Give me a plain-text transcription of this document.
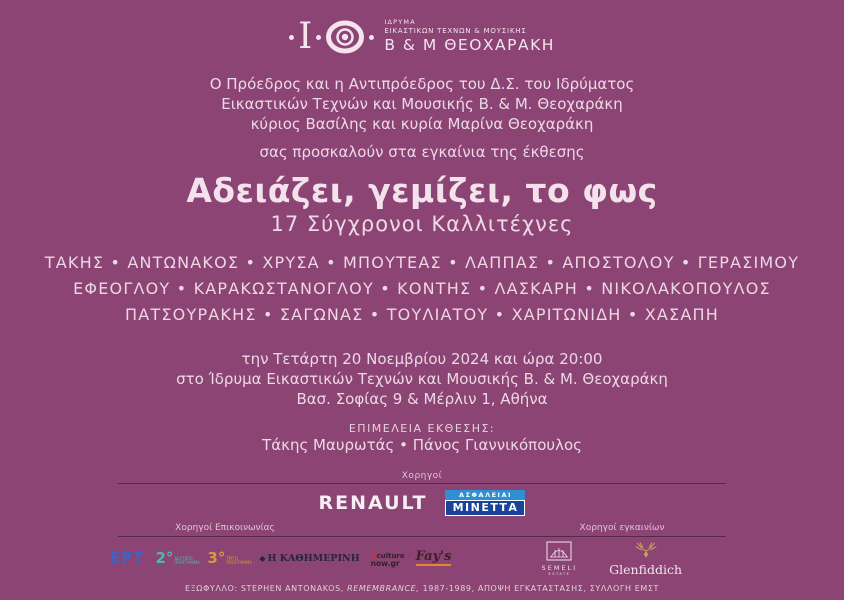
I	ΙΔΡΥΜΑ
ΕΙΚΑΣΤΙΚΩΝ ΤΕΧΝΩΝ & ΜΟΥΣΙΚΗΣ
Β & Μ ΘΕΟΧΑΡΑΚΗ
Ο Πρόεδρος και η Αντιπρόεδρος του Δ.Σ. του Ιδρύματος
Εικαστικών Τεχνών και Μουσικής Β. & Μ. Θεοχαράκη
κύριος Βασίλης και κυρία Μαρίνα Θεοχαράκη
σας προσκαλούν στα εγκαίνια της έκθεσης
Αδειάζει, γεμίζει, το φως
17 Σύγχρονοι Καλλιτέχνες
ΤΑΚΗΣ • ΑΝΤΩΝΑΚΟΣ • ΧΡΥΣΑ • ΜΠΟΥΤΕΑΣ • ΛΑΠΠΑΣ • ΑΠΟΣΤΟΛΟΥ • ΓΕΡΑΣΙΜΟΥ
ΕΦΕΟΓΛΟΥ • ΚΑΡΑΚΩΣΤΑΝΟΓΛΟΥ • ΚΟΝΤΗΣ • ΛΑΣΚΑΡΗ • ΝΙΚΟΛΑΚΟΠΟΥΛΟΣ
ΠΑΤΣΟΥΡΑΚΗΣ • ΣΑΓΩΝΑΣ • ΤΟΥΛΙΑΤΟΥ • ΧΑΡΙΤΩΝΙΔΗ • ΧΑΣΑΠΗ
την Τετάρτη 20 Νοεμβρίου 2024 και ώρα 20:00
στο Ίδρυμα Εικαστικών Τεχνών και Μουσικής Β. & Μ. Θεοχαράκη
Βασ. Σοφίας 9 & Μέρλιν 1, Αθήνα
ΕΠΙΜΕΛΕΙΑ ΕΚΘΕΣΗΣ:
Τάκης Μαυρωτάς • Πάνος Γιαννικόπουλος
Χορηγοί
RENAULT	ΑΣΦΑΛΕΙΑΙ
ΜΙΝΕΤΤΑ
Χορηγοί Επικοινωνίας	Χορηγοί εγκαινίων
ΕΡΤ 2° ΔΕΥΤΕΡΟ ΠΡΟΓΡΑΜΜΑ 3° ΤΡΙΤΟ ΠΡΟΓΡΑΜΜΑ ◆ Η ΚΑΘΗΜΕΡΙΝΗ ✱culture
now.gr	Fay's
SEMELI
ESTATE	Glenfiddich
ΕΞΩΦΥΛΛΟ: STEPHEN ANTONAKOS, REMEMBRANCE, 1987-1989, ΑΠΟΨΗ ΕΓΚΑΤΑΣΤΑΣΗΣ, ΣΥΛΛΟΓΗ ΕΜΣΤ
